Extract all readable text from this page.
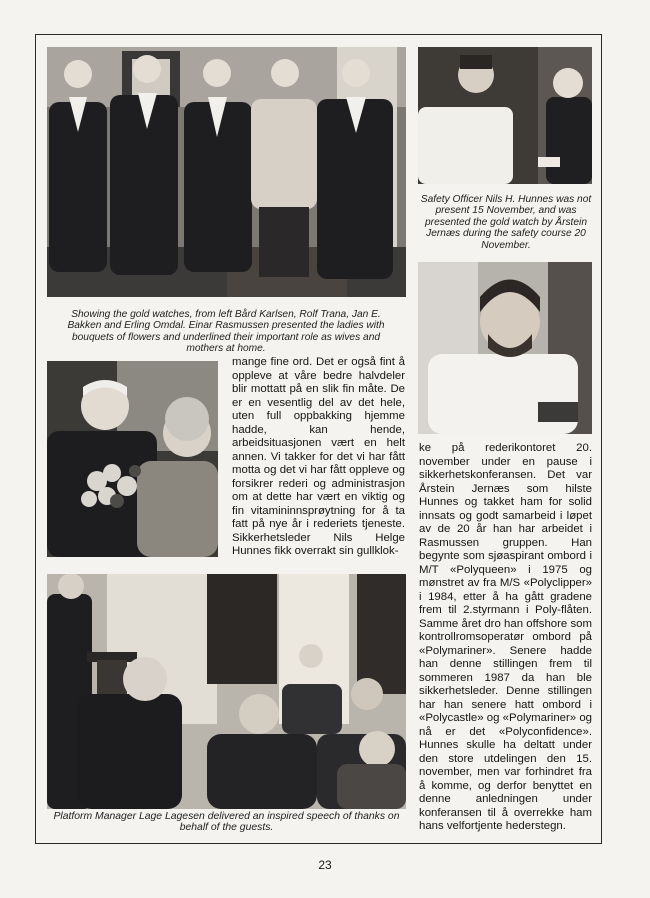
Showing the gold watches, from left Bård Karlsen, Rolf Trana, Jan E. Bakken and Erling Omdal. Einar Rasmussen presented the ladies with bouquets of flowers and underlined their important role as wives and mothers at home.
Safety Officer Nils H. Hunnes was not present 15 November, and was presented the gold watch by Årstein Jernæs during the safety course 20 November.

mange fine ord. Det er også fint å oppleve at våre bedre halvdeler blir mottatt på en slik fin måte. De er en vesentlig del av det hele, uten full oppbakking hjemme hadde, kan hende, arbeidsituasjonen vært en helt annen. Vi takker for det vi har fått motta og det vi har fått oppleve og forsikrer rederi og administrasjon om at dette har vært en viktig og fin vitamininnsprøytning for å ta fatt på nye år i rederiets tjeneste. Sikkerhetsleder Nils Helge Hunnes fikk overrakt sin gullklok-

Platform Manager Lage Lagesen delivered an inspired speech of thanks on behalf of the guests.

ke på rederikontoret 20. november under en pause i sikkerhetskonferansen. Det var Årstein Jernæs som hilste Hunnes og takket ham for solid innsats og godt samarbeid i løpet av de 20 år han har arbeidet i Rasmussen gruppen. Han begynte som sjøaspirant ombord i M/T «Polyqueen» i 1975 og mønstret av fra M/S «Polyclipper» i 1984, etter å ha gått gradene frem til 2.styrmann i Poly-flåten. Samme året dro han offshore som kontrollromsoperatør ombord på «Polymariner». Senere hadde han denne stillingen frem til sommeren 1987 da han ble sikkerhetsleder. Denne stillingen har han senere hatt ombord i «Polycastle» og «Polymariner» og nå er det «Polyconfidence». Hunnes skulle ha deltatt under den store utdelingen den 15. november, men var forhindret fra å komme, og derfor benyttet en denne anledningen under konferansen til å overrekke ham hans velfortjente hederstegn.

23
